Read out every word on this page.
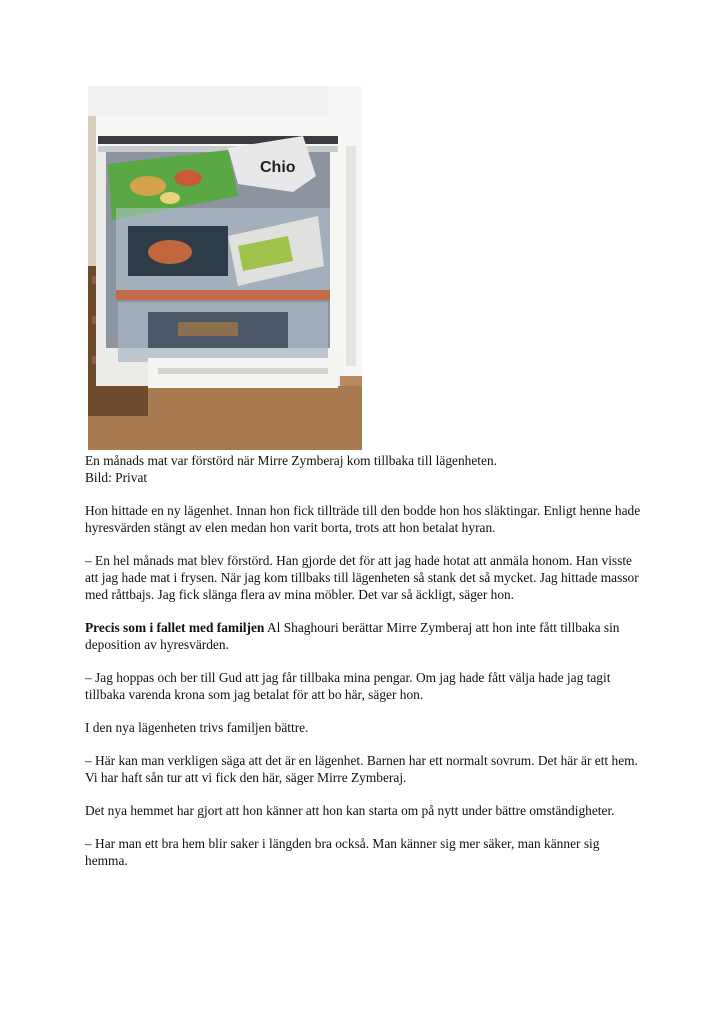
Chio

En månads mat var förstörd när Mirre Zymberaj kom tillbaka till lägenheten.
Bild: Privat

Hon hittade en ny lägenhet. Innan hon fick tillträde till den bodde hon hos släktingar. Enligt henne hade hyresvärden stängt av elen medan hon varit borta, trots att hon betalat hyran.

– En hel månads mat blev förstörd. Han gjorde det för att jag hade hotat att anmäla honom. Han visste att jag hade mat i frysen. När jag kom tillbaks till lägenheten så stank det så mycket. Jag hittade massor med råttbajs. Jag fick slänga flera av mina möbler. Det var så äckligt, säger hon.

Precis som i fallet med familjen Al Shaghouri berättar Mirre Zymberaj att hon inte fått tillbaka sin deposition av hyresvärden.

– Jag hoppas och ber till Gud att jag får tillbaka mina pengar. Om jag hade fått välja hade jag tagit tillbaka varenda krona som jag betalat för att bo här, säger hon.

I den nya lägenheten trivs familjen bättre.

– Här kan man verkligen säga att det är en lägenhet. Barnen har ett normalt sovrum. Det här är ett hem. Vi har haft sån tur att vi fick den här, säger Mirre Zymberaj.

Det nya hemmet har gjort att hon känner att hon kan starta om på nytt under bättre omständigheter.

– Har man ett bra hem blir saker i längden bra också. Man känner sig mer säker, man känner sig hemma.
